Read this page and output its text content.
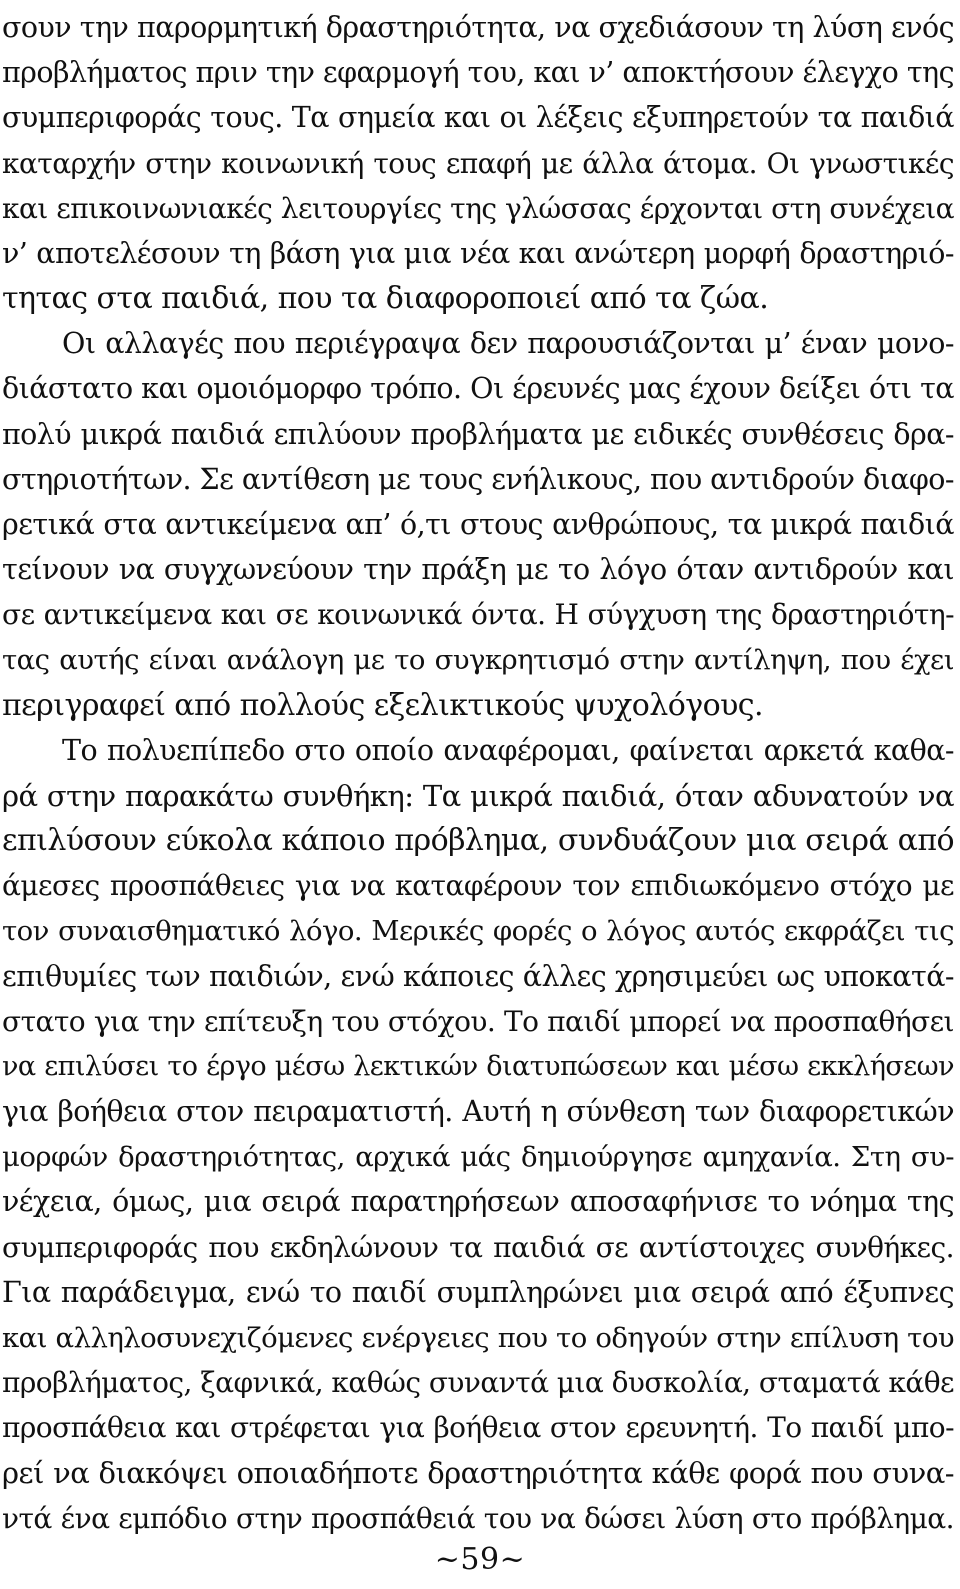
σουν την παρορμητική δραστηριότητα, να σχεδιάσουν τη λύση ενός
προβλήματος πριν την εφαρμογή του, και ν’ αποκτήσουν έλεγχο της
συμπεριφοράς τους. Τα σημεία και οι λέξεις εξυπηρετούν τα παιδιά
καταρχήν στην κοινωνική τους επαφή με άλλα άτομα. Οι γνωστικές
και επικοινωνιακές λειτουργίες της γλώσσας έρχονται στη συνέχεια
ν’ αποτελέσουν τη βάση για μια νέα και ανώτερη μορφή δραστηριό-
τητας στα παιδιά, που τα διαφοροποιεί από τα ζώα.
Οι αλλαγές που περιέγραψα δεν παρουσιάζονται μ’ έναν μονο-
διάστατο και ομοιόμορφο τρόπο. Οι έρευνές μας έχουν δείξει ότι τα
πολύ μικρά παιδιά επιλύουν προβλήματα με ειδικές συνθέσεις δρα-
στηριοτήτων. Σε αντίθεση με τους ενήλικους, που αντιδρούν διαφο-
ρετικά στα αντικείμενα απ’ ό,τι στους ανθρώπους, τα μικρά παιδιά
τείνουν να συγχωνεύουν την πράξη με το λόγο όταν αντιδρούν και
σε αντικείμενα και σε κοινωνικά όντα. Η σύγχυση της δραστηριότη-
τας αυτής είναι ανάλογη με το συγκρητισμό στην αντίληψη, που έχει
περιγραφεί από πολλούς εξελικτικούς ψυχολόγους.
Το πολυεπίπεδο στο οποίο αναφέρομαι, φαίνεται αρκετά καθα-
ρά στην παρακάτω συνθήκη: Τα μικρά παιδιά, όταν αδυνατούν να
επιλύσουν εύκολα κάποιο πρόβλημα, συνδυάζουν μια σειρά από
άμεσες προσπάθειες για να καταφέρουν τον επιδιωκόμενο στόχο με
τον συναισθηματικό λόγο. Μερικές φορές ο λόγος αυτός εκφράζει τις
επιθυμίες των παιδιών, ενώ κάποιες άλλες χρησιμεύει ως υποκατά-
στατο για την επίτευξη του στόχου. Το παιδί μπορεί να προσπαθήσει
να επιλύσει το έργο μέσω λεκτικών διατυπώσεων και μέσω εκκλήσεων
για βοήθεια στον πειραματιστή. Αυτή η σύνθεση των διαφορετικών
μορφών δραστηριότητας, αρχικά μάς δημιούργησε αμηχανία. Στη συ-
νέχεια, όμως, μια σειρά παρατηρήσεων αποσαφήνισε το νόημα της
συμπεριφοράς που εκδηλώνουν τα παιδιά σε αντίστοιχες συνθήκες.
Για παράδειγμα, ενώ το παιδί συμπληρώνει μια σειρά από έξυπνες
και αλληλοσυνεχιζόμενες ενέργειες που το οδηγούν στην επίλυση του
προβλήματος, ξαφνικά, καθώς συναντά μια δυσκολία, σταματά κάθε
προσπάθεια και στρέφεται για βοήθεια στον ερευνητή. Το παιδί μπο-
ρεί να διακόψει οποιαδήποτε δραστηριότητα κάθε φορά που συνα-
ντά ένα εμπόδιο στην προσπάθειά του να δώσει λύση στο πρόβλημα.
~59~
